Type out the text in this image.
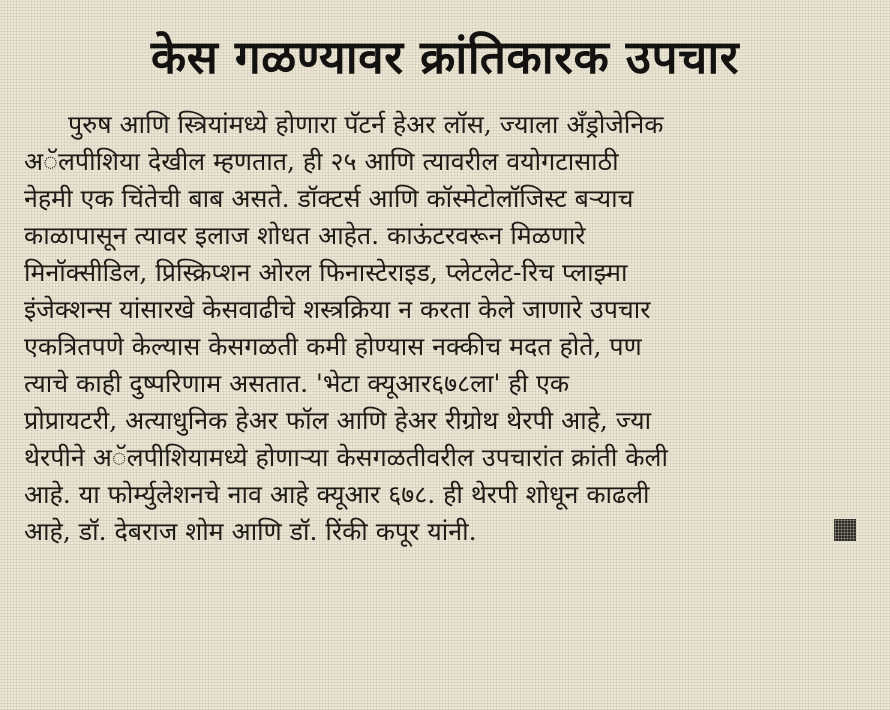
केस गळण्यावर क्रांतिकारक उपचार
पुरुष आणि स्त्रियांमध्ये होणारा पॅटर्न हेअर लॉस, ज्याला अँड्रोजेनिक
अॅलपीशिया देखील म्हणतात, ही २५ आणि त्यावरील वयोगटासाठी
नेहमी एक चिंतेची बाब असते. डॉक्टर्स आणि कॉस्मेटोलॉजिस्ट बऱ्याच
काळापासून त्यावर इलाज शोधत आहेत. काऊंटरवरून मिळणारे
मिनॉक्सीडिल, प्रिस्क्रिप्शन ओरल फिनास्टेराइड, प्लेटलेट-रिच प्लाझ्मा
इंजेक्शन्स यांसारखे केसवाढीचे शस्त्रक्रिया न करता केले जाणारे उपचार
एकत्रितपणे केल्यास केसगळती कमी होण्यास नक्कीच मदत होते, पण
त्याचे काही दुष्परिणाम असतात. 'भेटा क्यूआर६७८ला' ही एक
प्रोप्रायटरी, अत्याधुनिक हेअर फॉल आणि हेअर रीग्रोथ थेरपी आहे, ज्या
थेरपीने अॅलपीशियामध्ये होणाऱ्या केसगळतीवरील उपचारांत क्रांती केली
आहे. या फोर्म्युलेशनचे नाव आहे क्यूआर ६७८. ही थेरपी शोधून काढली
आहे, डॉ. देबराज शोम आणि डॉ. रिंकी कपूर यांनी.
